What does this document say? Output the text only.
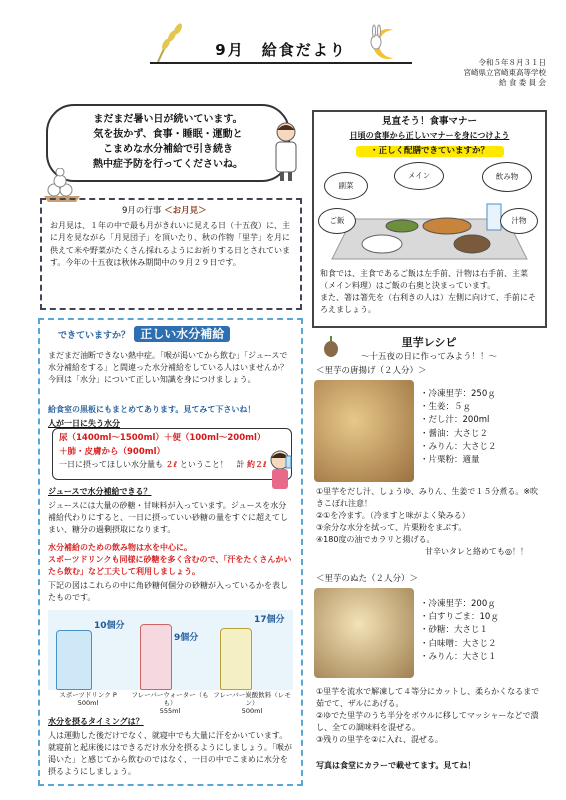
9月　給食だより
令和５年８月３１日
宮崎県立宮崎東高等学校
給 食 委 員 会
まだまだ暑い日が続いています。
気を抜かず、食事・睡眠・運動と
こまめな水分補給で引き続き
熱中症予防を行ってくださいね。
9月の行事 ＜お月見＞

お月見は、１年の中で最も月がきれいに見える日（十五夜）に、主に月を見ながら「月見団子」を頂いたり、秋の作物「里芋」を月に供えて米や野菜がたくさん採れるようにお祈りする日とされています。今年の十五夜は秋休み期間中の９月２９日です。

見直そう！食事マナー
日頃の食事から正しいマナーを身につけよう
・正しく配膳できていますか？
副菜
メイン	飲み物
ご飯	汁物
和食では、主食であるご飯は左手前、汁物は右手前、主菜（メイン料理）はご飯の右奥と決まっています。
また、箸は箸先を（右利きの人は）左側に向けて、手前にそろえましょう。
できていますか？ 正しい水分補給
まだまだ油断できない熱中症。「喉が渇いてから飲む」「ジュースで水分補給をする」と間違った水分補給をしている人はいませんか？今回は「水分」について正しい知識を身につけましょう。
給食室の黒板にもまとめてあります。見てみて下さいね！
人が一日に失う水分
尿（1400ml〜1500ml）＋便（100ml〜200ml）
＋肺・皮膚から（900ml）
一日に摂ってほしい水分量も ２ℓ ということ！ 計 約２ℓ
ジュースで水分補給できる？
ジュースには大量の砂糖・甘味料が入っています。ジュースを水分補給代わりにすると、一日に摂っていい砂糖の量をすぐに超えてしまい、糖分の過剰摂取になります。
水分補給のための飲み物は水を中心に。
スポーツドリンクも同様に砂糖を多く含むので、「汗をたくさんかいたら飲む」など工夫して利用しましょう。
下記の図はこれらの中に角砂糖何個分の砂糖が入っているかを表したものです。
10個分
9個分
17個分
スポーツドリンク P
500ml
フレーバーウォーター（もも）
555ml
フレーバー炭酸飲料（レモン）
500ml
水分を摂るタイミングは？
人は運動した後だけでなく、就寝中でも大量に汗をかいています。就寝前と起床後にはできるだけ水分を摂るようにしましょう。「喉が渇いた」と感じてから飲むのではなく、一日の中でこまめに水分を摂るようにしましょう。
里芋レシピ
〜十五夜の日に作ってみよう！！〜
＜里芋の唐揚げ（２人分）＞
・冷凍里芋：250ｇ
・生姜：５ｇ
・だし汁：200ml
・醤油：大さじ２
・みりん：大さじ２
・片栗粉：適量
①里芋をだし汁、しょうゆ、みりん、生姜で１５分煮る。※吹きこぼれ注意！
②①を冷ます。（冷ますと味がよく染みる）
③余分な水分を拭って、片栗粉をまぶす。
④180度の油でカラリと揚げる。
甘辛いタレと絡めても◎！！
＜里芋のぬた（２人分）＞
・冷凍里芋：200ｇ
・白すりごま：10ｇ
・砂糖：大さじ１
・白味噌：大さじ２
・みりん：大さじ１
①里芋を流水で解凍して４等分にカットし、柔らかくなるまで茹でて、ザルにあげる。
②ゆでた里芋のうち半分をボウルに移してマッシャーなどで潰し、全ての調味料を混ぜる。
③残りの里芋を②に入れ、混ぜる。
写真は食堂にカラーで載せてます。見てね！
